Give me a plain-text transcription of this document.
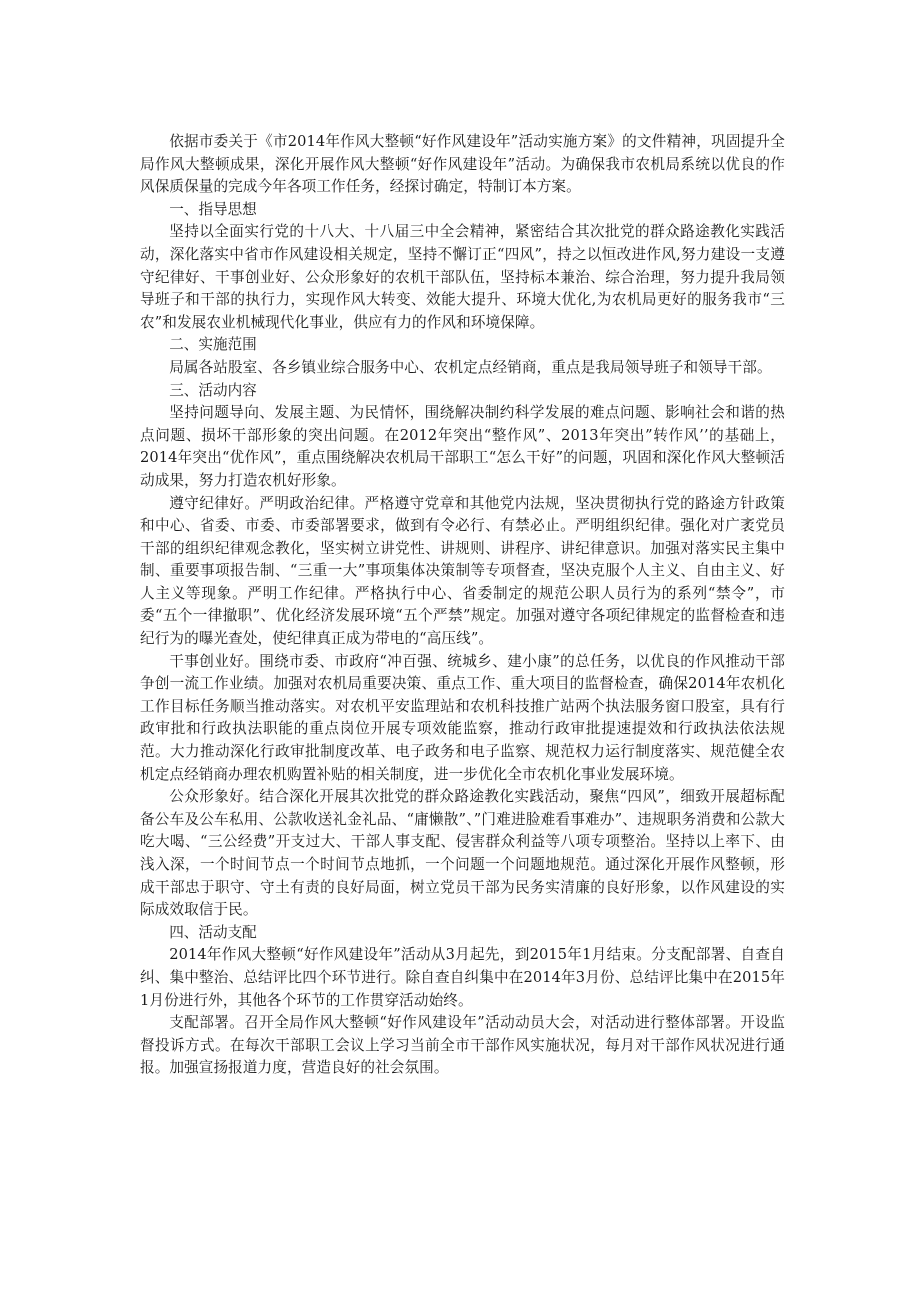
依据市委关于《市2014年作风大整顿“好作风建设年”活动实施方案》的文件精神，巩固提升全局作风大整顿成果，深化开展作风大整顿“好作风建设年”活动。为确保我市农机局系统以优良的作风保质保量的完成今年各项工作任务，经探讨确定，特制订本方案。

一、指导思想

坚持以全面实行党的十八大、十八届三中全会精神，紧密结合其次批党的群众路途教化实践活动，深化落实中省市作风建设相关规定，坚持不懈订正“四风”，持之以恒改进作风,努力建设一支遵守纪律好、干事创业好、公众形象好的农机干部队伍，坚持标本兼治、综合治理，努力提升我局领导班子和干部的执行力，实现作风大转变、效能大提升、环境大优化,为农机局更好的服务我市“三农”和发展农业机械现代化事业，供应有力的作风和环境保障。

二、实施范围

局属各站股室、各乡镇业综合服务中心、农机定点经销商，重点是我局领导班子和领导干部。

三、活动内容

坚持问题导向、发展主题、为民情怀，围绕解决制约科学发展的难点问题、影响社会和谐的热点问题、损坏干部形象的突出问题。在2012年突出“整作风”、2013年突出”转作风’’的基础上，2014年突出“优作风”，重点围绕解决农机局干部职工“怎么干好”的问题，巩固和深化作风大整顿活动成果，努力打造农机好形象。

遵守纪律好。严明政治纪律。严格遵守党章和其他党内法规，坚决贯彻执行党的路途方针政策和中心、省委、市委、市委部署要求，做到有令必行、有禁必止。严明组织纪律。强化对广袤党员干部的组织纪律观念教化，坚实树立讲党性、讲规则、讲程序、讲纪律意识。加强对落实民主集中制、重要事项报告制、“三重一大”事项集体决策制等专项督查，坚决克服个人主义、自由主义、好人主义等现象。严明工作纪律。严格执行中心、省委制定的规范公职人员行为的系列“禁令”，市委“五个一律撤职”、优化经济发展环境“五个严禁”规定。加强对遵守各项纪律规定的监督检查和违纪行为的曝光查处，使纪律真正成为带电的“高压线”。

干事创业好。围绕市委、市政府“冲百强、统城乡、建小康”的总任务，以优良的作风推动干部争创一流工作业绩。加强对农机局重要决策、重点工作、重大项目的监督检查，确保2014年农机化工作目标任务顺当推动落实。对农机平安监理站和农机科技推广站两个执法服务窗口股室，具有行政审批和行政执法职能的重点岗位开展专项效能监察，推动行政审批提速提效和行政执法依法规范。大力推动深化行政审批制度改革、电子政务和电子监察、规范权力运行制度落实、规范健全农机定点经销商办理农机购置补贴的相关制度，进一步优化全市农机化事业发展环境。

公众形象好。结合深化开展其次批党的群众路途教化实践活动，聚焦“四风”，细致开展超标配备公车及公车私用、公款收送礼金礼品、“庸懒散”、”门难进脸难看事难办”、违规职务消费和公款大吃大喝、“三公经费”开支过大、干部人事支配、侵害群众利益等八项专项整治。坚持以上率下、由浅入深，一个时间节点一个时间节点地抓，一个问题一个问题地规范。通过深化开展作风整顿，形成干部忠于职守、守土有责的良好局面，树立党员干部为民务实清廉的良好形象，以作风建设的实际成效取信于民。

四、活动支配

2014年作风大整顿“好作风建设年”活动从3月起先，到2015年1月结束。分支配部署、自查自纠、集中整治、总结评比四个环节进行。除自查自纠集中在2014年3月份、总结评比集中在2015年1月份进行外，其他各个环节的工作贯穿活动始终。

支配部署。召开全局作风大整顿“好作风建设年”活动动员大会，对活动进行整体部署。开设监督投诉方式。在每次干部职工会议上学习当前全市干部作风实施状况，每月对干部作风状况进行通报。加强宣扬报道力度，营造良好的社会氛围。
